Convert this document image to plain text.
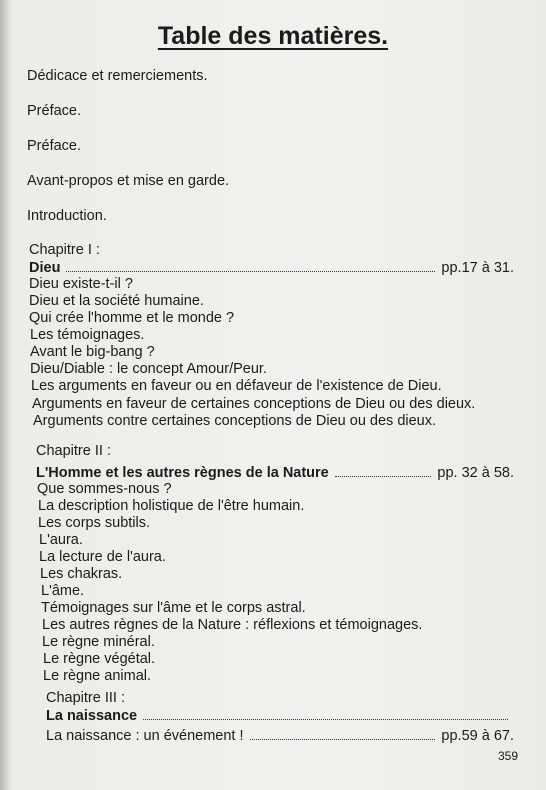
Table des matières.
Dédicace et remerciements.
Préface.
Préface.
Avant-propos et mise en garde.
Introduction.
Chapitre I :
Dieu	pp.17 à 31.
Dieu existe-t-il ?
Dieu et la société humaine.
Qui crée l'homme et le monde ?
Les témoignages.
Avant le big-bang ?
Dieu/Diable : le concept Amour/Peur.
Les arguments en faveur ou en défaveur de l'existence de Dieu.
Arguments en faveur de certaines conceptions de Dieu ou des dieux.
Arguments contre certaines conceptions de Dieu ou des dieux.
Chapitre II :
L'Homme et les autres règnes de la Nature	pp. 32 à 58.
Que sommes-nous ?
La description holistique de l'être humain.
Les corps subtils.
L'aura.
La lecture de l'aura.
Les chakras.
L'âme.
Témoignages sur l'âme et le corps astral.
Les autres règnes de la Nature : réflexions et témoignages.
Le règne minéral.
Le règne végétal.
Le règne animal.
Chapitre III :
La naissance
La naissance : un événement !	pp.59 à 67.
359
